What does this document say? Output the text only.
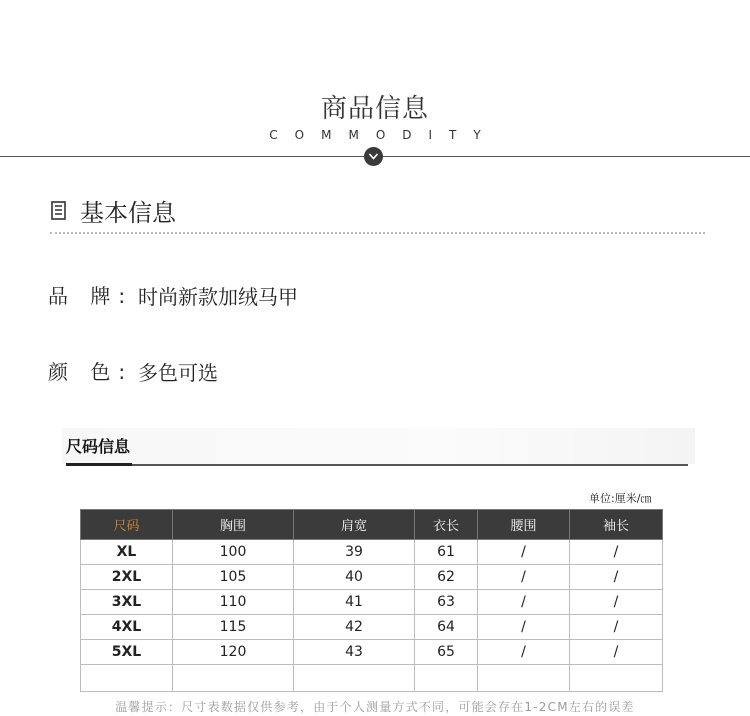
商品信息
COMMODITY
基本信息
品 牌: 时尚新款加绒马甲
颜 色: 多色可选
尺码信息
单位:厘米/㎝
尺码	胸围	肩宽	衣长	腰围	袖长
XL	100	39	61	/	/
2XL	105	40	62	/	/
3XL	110	41	63	/	/
4XL	115	42	64	/	/
5XL	120	43	65	/	/

温馨提示：尺寸表数据仅供参考，由于个人测量方式不同，可能会存在1-2CM左右的误差
